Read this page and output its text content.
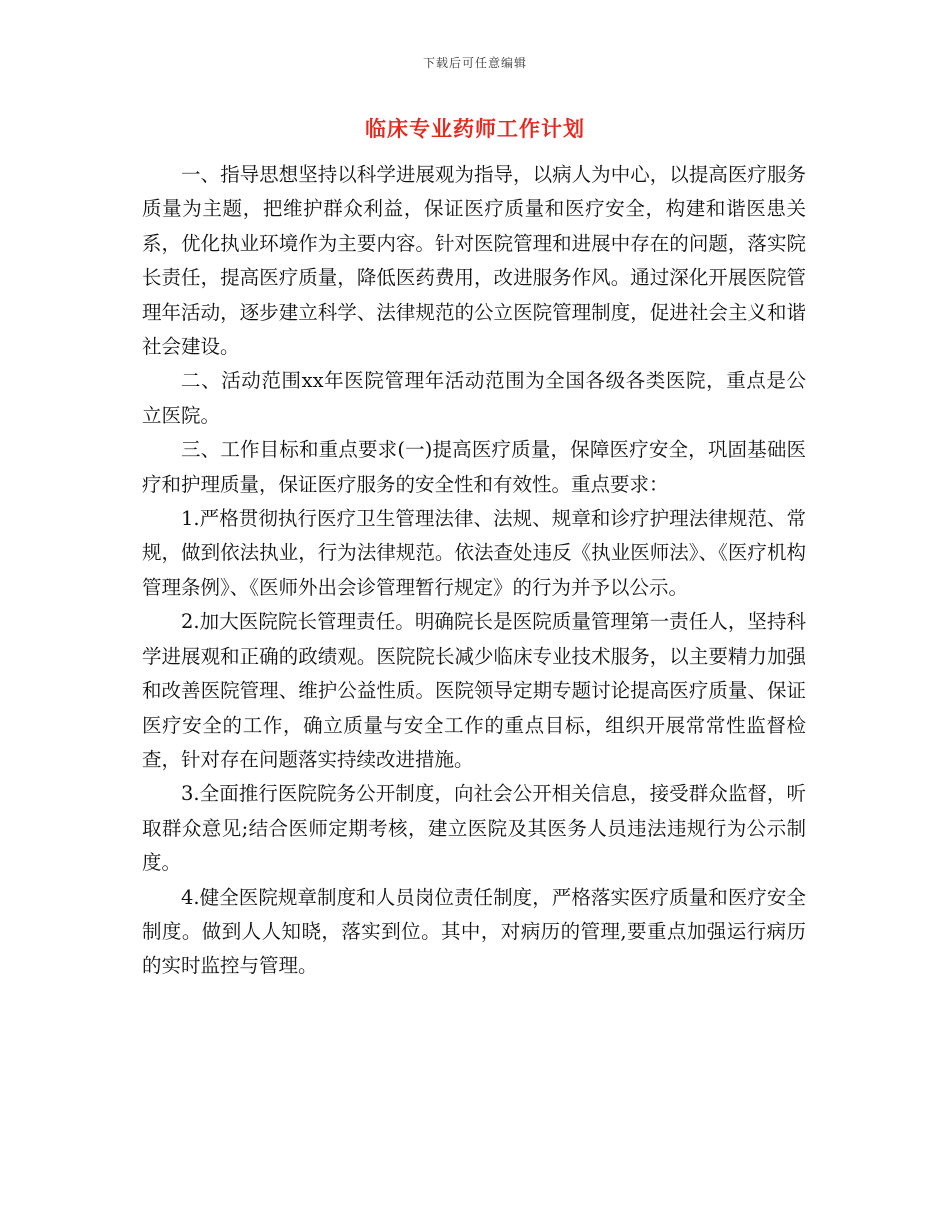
下载后可任意编辑
临床专业药师工作计划

一、指导思想坚持以科学进展观为指导，以病人为中心，以提高医疗服务质量为主题，把维护群众利益，保证医疗质量和医疗安全，构建和谐医患关系，优化执业环境作为主要内容。针对医院管理和进展中存在的问题，落实院长责任，提高医疗质量，降低医药费用，改进服务作风。通过深化开展医院管理年活动，逐步建立科学、法律规范的公立医院管理制度，促进社会主义和谐社会建设。

二、活动范围xx年医院管理年活动范围为全国各级各类医院，重点是公立医院。

三、工作目标和重点要求(一)提高医疗质量，保障医疗安全，巩固基础医疗和护理质量，保证医疗服务的安全性和有效性。重点要求：

1.严格贯彻执行医疗卫生管理法律、法规、规章和诊疗护理法律规范、常规，做到依法执业，行为法律规范。依法查处违反《执业医师法》、《医疗机构管理条例》、《医师外出会诊管理暂行规定》的行为并予以公示。

2.加大医院院长管理责任。明确院长是医院质量管理第一责任人，坚持科学进展观和正确的政绩观。医院院长减少临床专业技术服务，以主要精力加强和改善医院管理、维护公益性质。医院领导定期专题讨论提高医疗质量、保证医疗安全的工作，确立质量与安全工作的重点目标，组织开展常常性监督检查，针对存在问题落实持续改进措施。

3.全面推行医院院务公开制度，向社会公开相关信息，接受群众监督，听取群众意见;结合医师定期考核，建立医院及其医务人员违法违规行为公示制度。

4.健全医院规章制度和人员岗位责任制度，严格落实医疗质量和医疗安全制度。做到人人知晓，落实到位。其中，对病历的管理,要重点加强运行病历的实时监控与管理。
